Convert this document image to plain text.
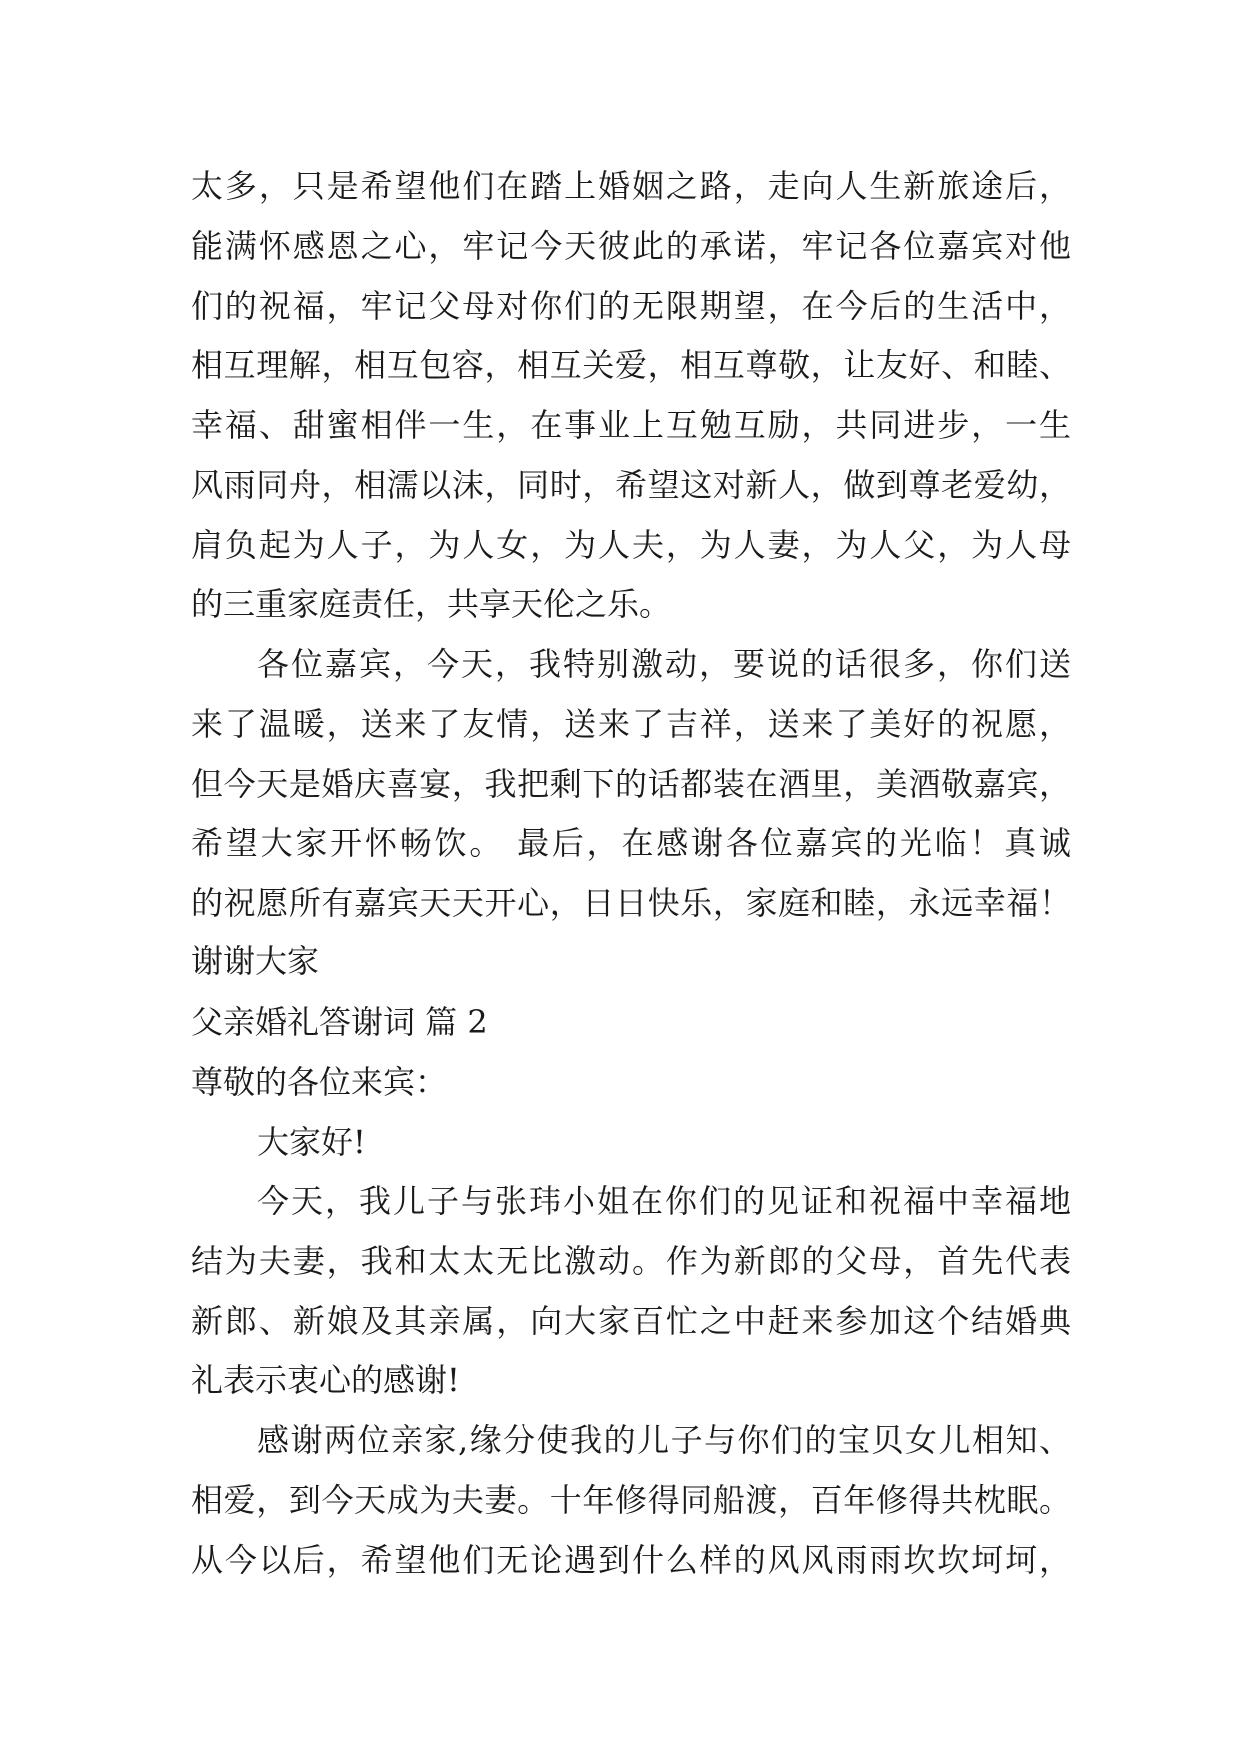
太多，只是希望他们在踏上婚姻之路，走向人生新旅途后，
能满怀感恩之心，牢记今天彼此的承诺，牢记各位嘉宾对他
们的祝福，牢记父母对你们的无限期望，在今后的生活中，
相互理解，相互包容，相互关爱，相互尊敬，让友好、和睦、
幸福、甜蜜相伴一生，在事业上互勉互励，共同进步，一生
风雨同舟，相濡以沫，同时，希望这对新人，做到尊老爱幼，
肩负起为人子，为人女，为人夫，为人妻，为人父，为人母
的三重家庭责任，共享天伦之乐。
各位嘉宾，今天，我特别激动，要说的话很多，你们送
来了温暖，送来了友情，送来了吉祥，送来了美好的祝愿，
但今天是婚庆喜宴，我把剩下的话都装在酒里，美酒敬嘉宾，
希望大家开怀畅饮。 最后，在感谢各位嘉宾的光临！真诚
的祝愿所有嘉宾天天开心，日日快乐，家庭和睦，永远幸福！
谢谢大家
父亲婚礼答谢词 篇 2
尊敬的各位来宾：
大家好!
今天，我儿子与张玮小姐在你们的见证和祝福中幸福地
结为夫妻，我和太太无比激动。作为新郎的父母，首先代表
新郎、新娘及其亲属，向大家百忙之中赶来参加这个结婚典
礼表示衷心的感谢!
感谢两位亲家,缘分使我的儿子与你们的宝贝女儿相知、
相爱，到今天成为夫妻。十年修得同船渡，百年修得共枕眠。
从今以后，希望他们无论遇到什么样的风风雨雨坎坎坷坷，
